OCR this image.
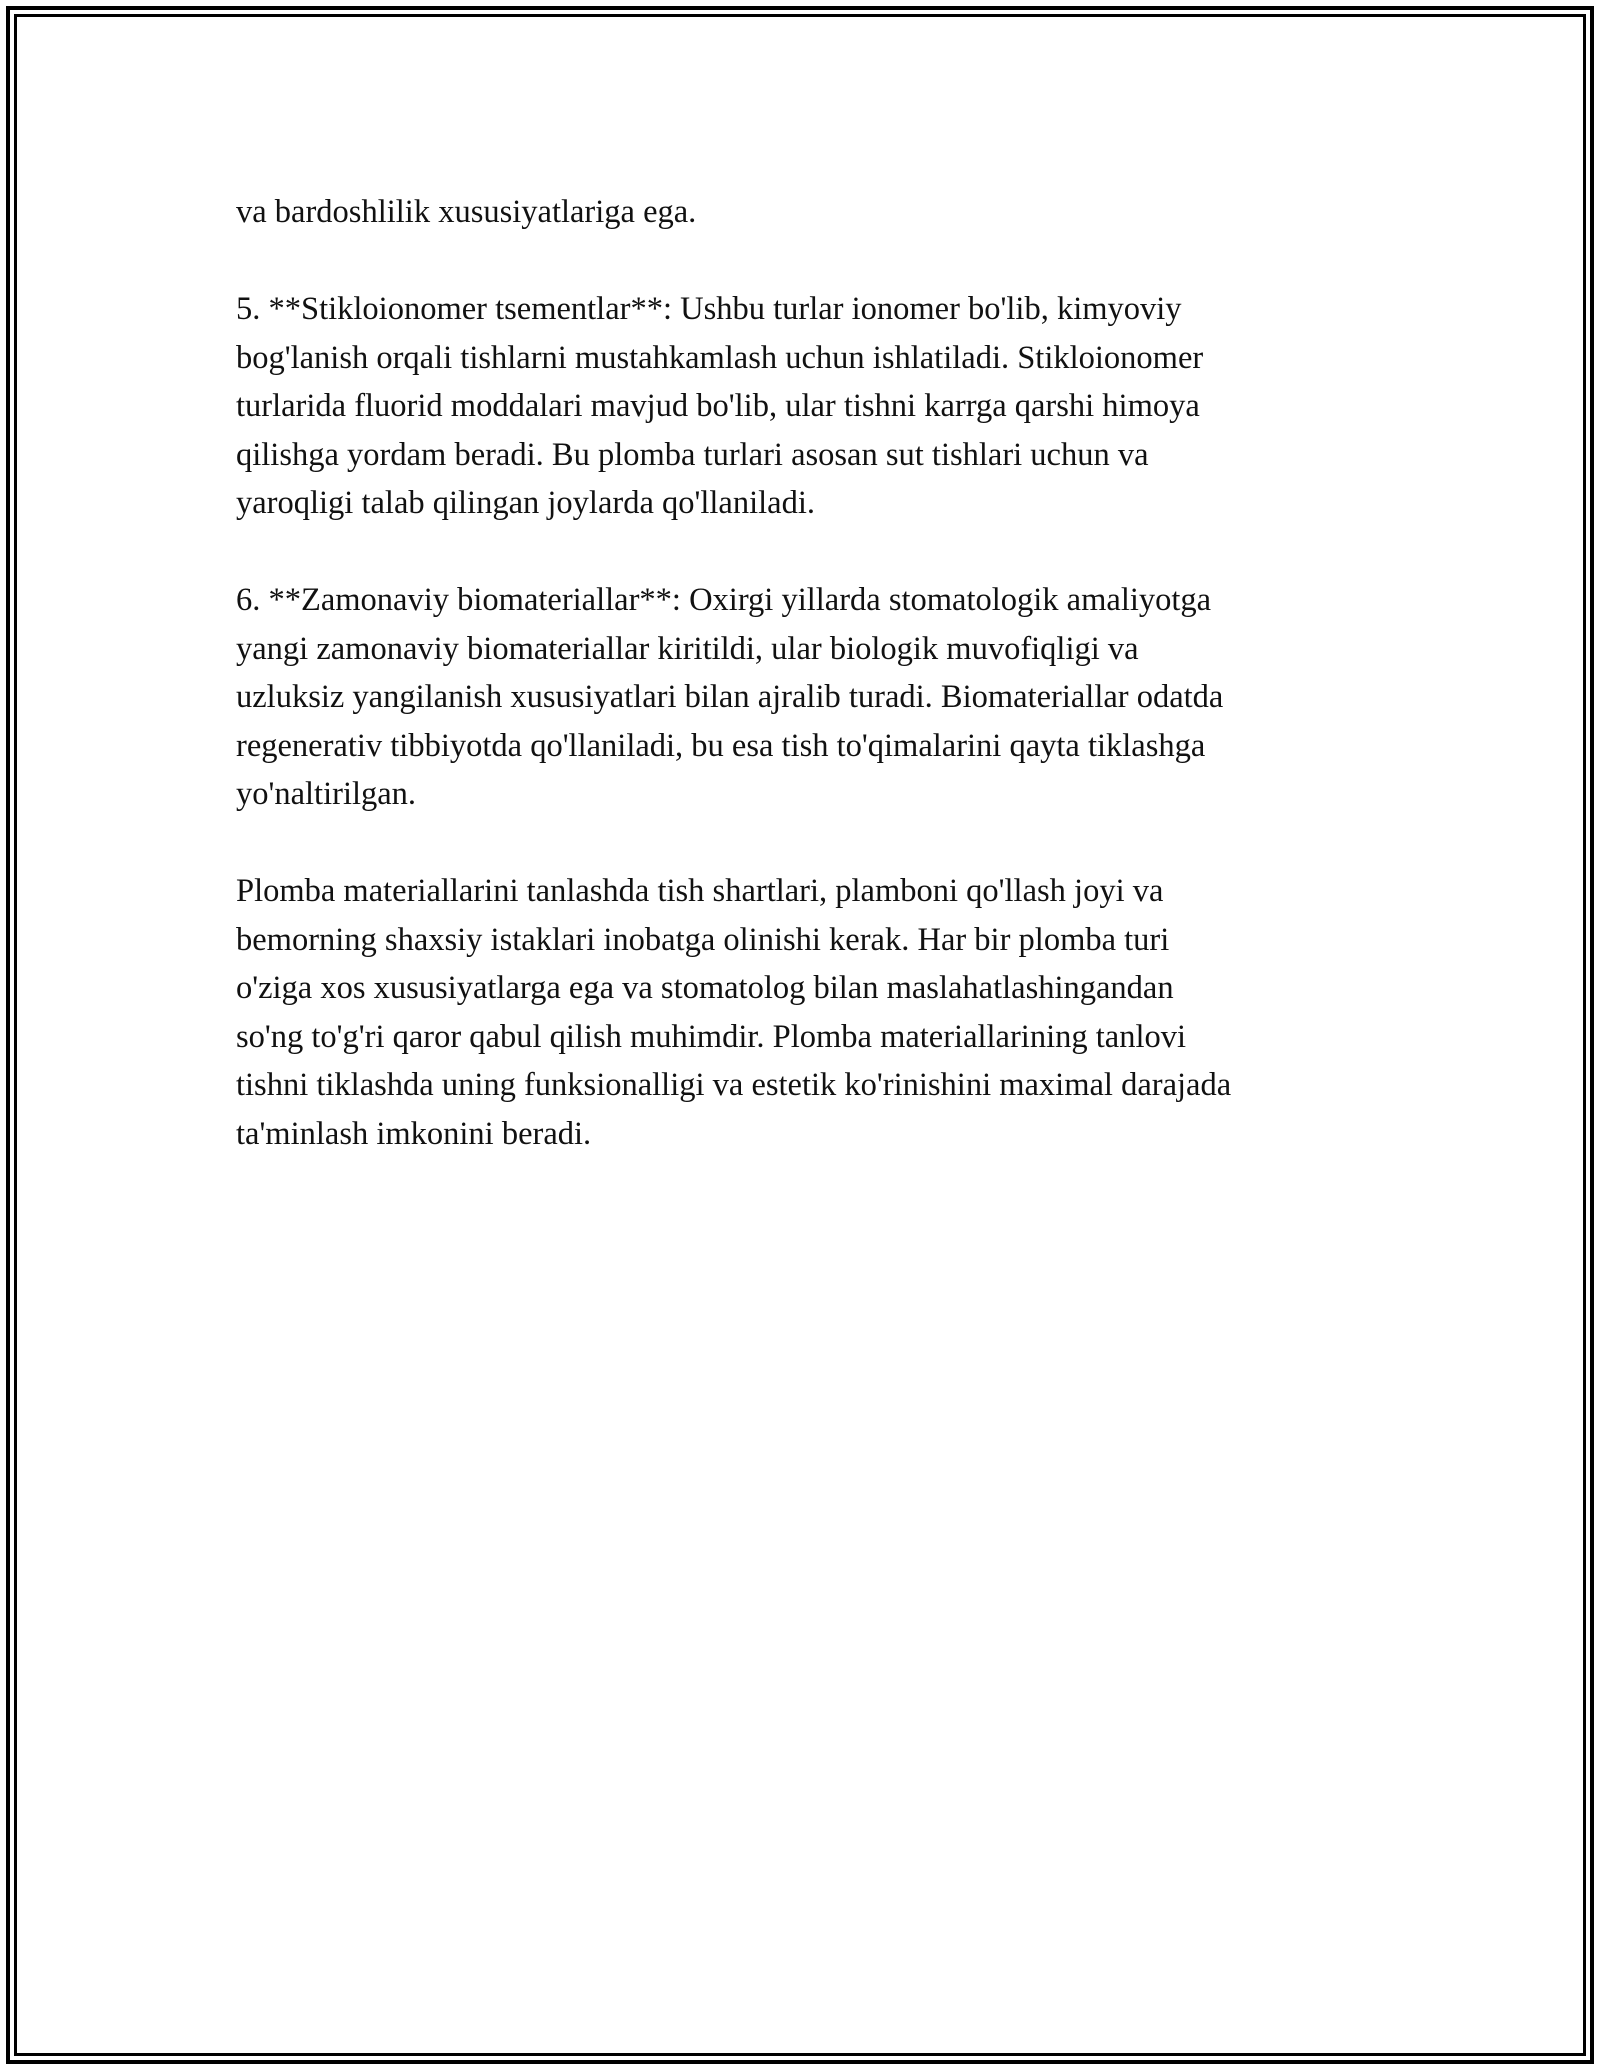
va bardoshlilik xususiyatlariga ega.

5. **Stikloionomer tsementlar**: Ushbu turlar ionomer bo'lib, kimyoviy
bog'lanish orqali tishlarni mustahkamlash uchun ishlatiladi. Stikloionomer
turlarida fluorid moddalari mavjud bo'lib, ular tishni karrga qarshi himoya
qilishga yordam beradi. Bu plomba turlari asosan sut tishlari uchun va
yaroqligi talab qilingan joylarda qo'llaniladi.

6. **Zamonaviy biomateriallar**: Oxirgi yillarda stomatologik amaliyotga
yangi zamonaviy biomateriallar kiritildi, ular biologik muvofiqligi va
uzluksiz yangilanish xususiyatlari bilan ajralib turadi. Biomateriallar odatda
regenerativ tibbiyotda qo'llaniladi, bu esa tish to'qimalarini qayta tiklashga
yo'naltirilgan.

Plomba materiallarini tanlashda tish shartlari, plamboni qo'llash joyi va
bemorning shaxsiy istaklari inobatga olinishi kerak. Har bir plomba turi
o'ziga xos xususiyatlarga ega va stomatolog bilan maslahatlashingandan
so'ng to'g'ri qaror qabul qilish muhimdir. Plomba materiallarining tanlovi
tishni tiklashda uning funksionalligi va estetik ko'rinishini maximal darajada
ta'minlash imkonini beradi.
